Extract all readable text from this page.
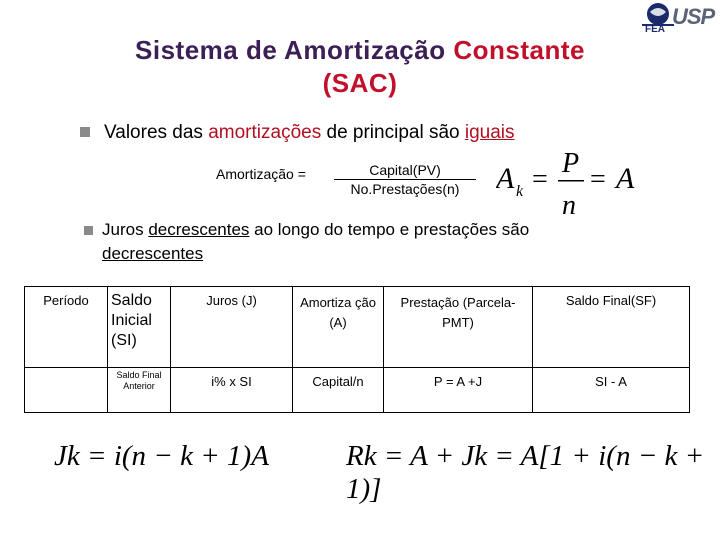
Sistema de Amortização Constante
(SAC)
FEA
USP
Valores das amortizações de principal são iguais
Amortização =	Capital(PV)
No.Prestações(n)	A k =
P
n
= A
Juros decrescentes ao longo do tempo e prestações são
decrescentes
Período	Saldo Inicial (SI)	Juros (J)	Amortiza ção (A)	Prestação (Parcela-PMT)	Saldo Final(SF)
	Saldo Final Anterior	i% x SI	Capital/n	P = A +J	SI - A
Jk = i(n − k + 1)A	Rk = A + Jk = A[1 + i(n − k + 1)]
